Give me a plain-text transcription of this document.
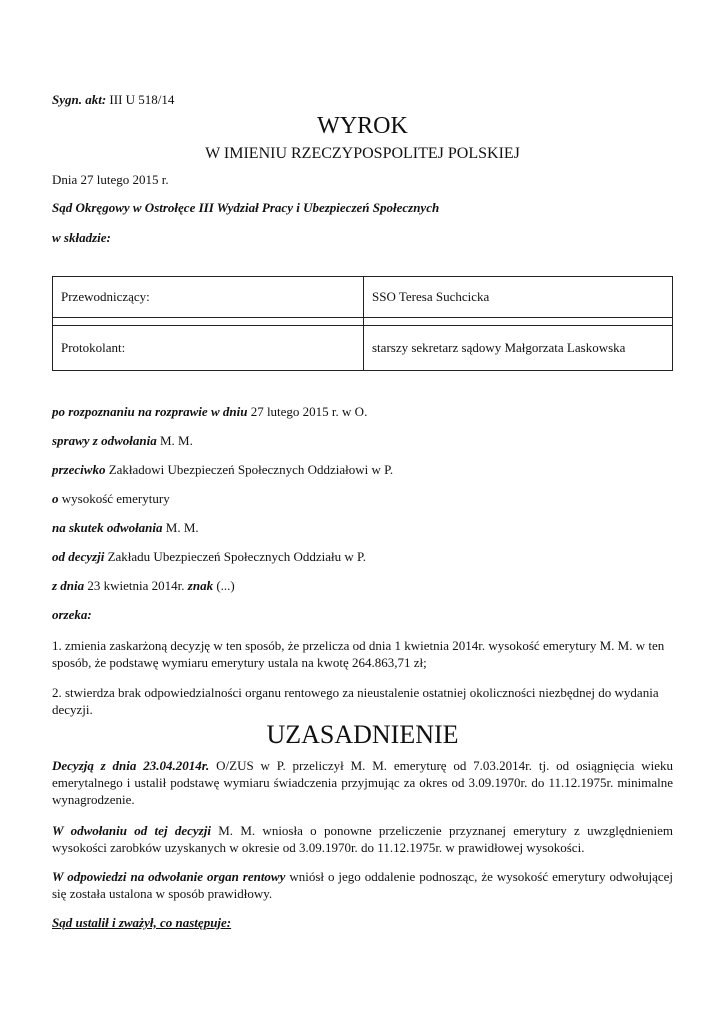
Sygn. akt: III U 518/14
WYROK
W IMIENIU RZECZYPOSPOLITEJ POLSKIEJ
Dnia 27 lutego 2015 r.
Sąd Okręgowy w Ostrołęce III Wydział Pracy i Ubezpieczeń Społecznych
w składzie:
Przewodniczący:	SSO Teresa Suchcicka

Protokolant:	starszy sekretarz sądowy Małgorzata Laskowska
po rozpoznaniu na rozprawie w dniu 27 lutego 2015 r. w O.
sprawy z odwołania M. M.
przeciwko Zakładowi Ubezpieczeń Społecznych Oddziałowi w P.
o wysokość emerytury
na skutek odwołania M. M.
od decyzji Zakładu Ubezpieczeń Społecznych Oddziału w P.
z dnia 23 kwietnia 2014r. znak (...)
orzeka:
1. zmienia zaskarżoną decyzję w ten sposób, że przelicza od dnia 1 kwietnia 2014r. wysokość emerytury M. M. w ten sposób, że podstawę wymiaru emerytury ustala na kwotę 264.863,71 zł;
2. stwierdza brak odpowiedzialności organu rentowego za nieustalenie ostatniej okoliczności niezbędnej do wydania decyzji.
UZASADNIENIE
Decyzją z dnia 23.04.2014r. O/ZUS w P. przeliczył M. M. emeryturę od 7.03.2014r. tj. od osiągnięcia wieku emerytalnego i ustalił podstawę wymiaru świadczenia przyjmując za okres od 3.09.1970r. do 11.12.1975r. minimalne wynagrodzenie.
W odwołaniu od tej decyzji M. M. wniosła o ponowne przeliczenie przyznanej emerytury z uwzględnieniem wysokości zarobków uzyskanych w okresie od 3.09.1970r. do 11.12.1975r. w prawidłowej wysokości.
W odpowiedzi na odwołanie organ rentowy wniósł o jego oddalenie podnosząc, że wysokość emerytury odwołującej się została ustalona w sposób prawidłowy.
Sąd ustalił i zważył, co następuje:
